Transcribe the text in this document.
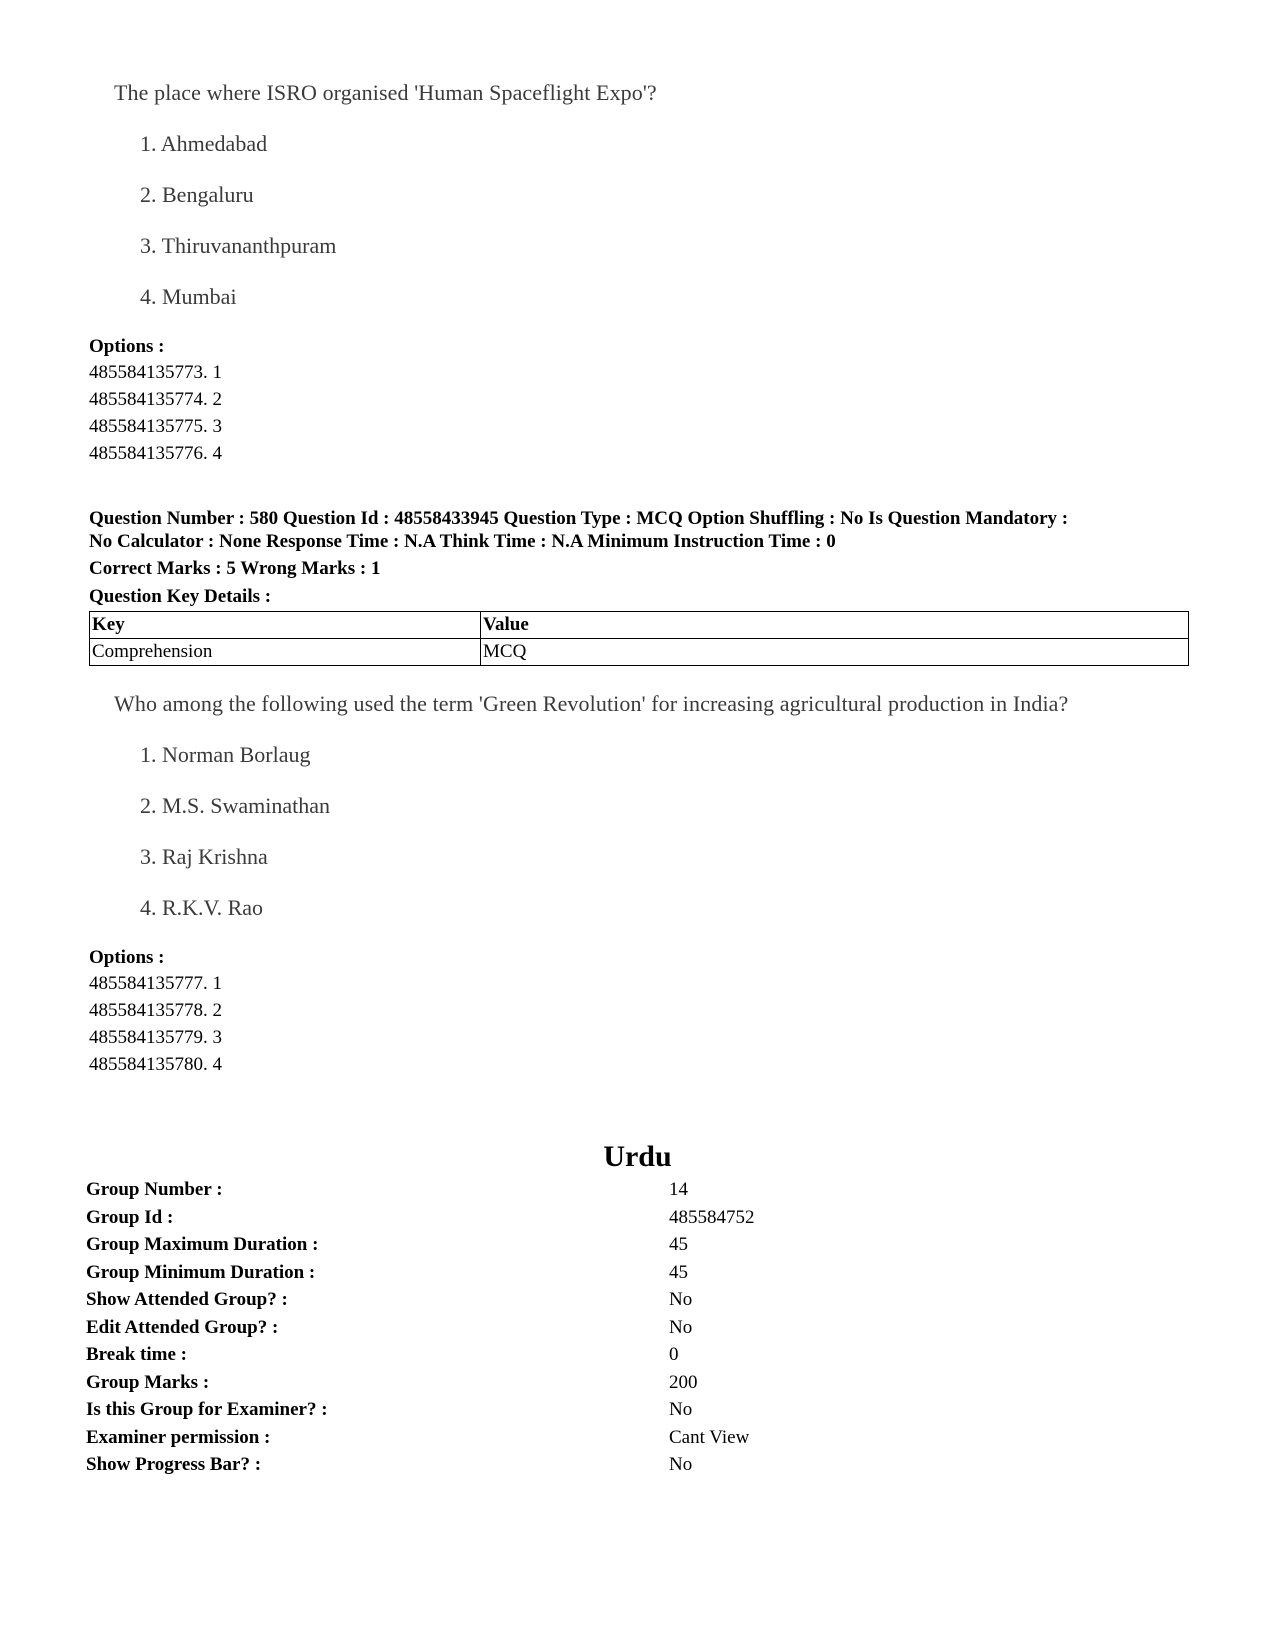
The place where ISRO organised 'Human Spaceflight Expo'?
1. Ahmedabad
2. Bengaluru
3. Thiruvananthpuram
4. Mumbai
Options :
485584135773. 1
485584135774. 2
485584135775. 3
485584135776. 4
Question Number : 580 Question Id : 48558433945 Question Type : MCQ Option Shuffling : No Is Question Mandatory :
No Calculator : None Response Time : N.A Think Time : N.A Minimum Instruction Time : 0
Correct Marks : 5 Wrong Marks : 1
Question Key Details :
Key	Value
Comprehension	MCQ
Who among the following used the term 'Green Revolution' for increasing agricultural production in India?
1. Norman Borlaug
2. M.S. Swaminathan
3. Raj Krishna
4. R.K.V. Rao
Options :
485584135777. 1
485584135778. 2
485584135779. 3
485584135780. 4
Urdu
Group Number :	14
Group Id :	485584752
Group Maximum Duration :	45
Group Minimum Duration :	45
Show Attended Group? :	No
Edit Attended Group? :	No
Break time :	0
Group Marks :	200
Is this Group for Examiner? :	No
Examiner permission :	Cant View
Show Progress Bar? :	No
